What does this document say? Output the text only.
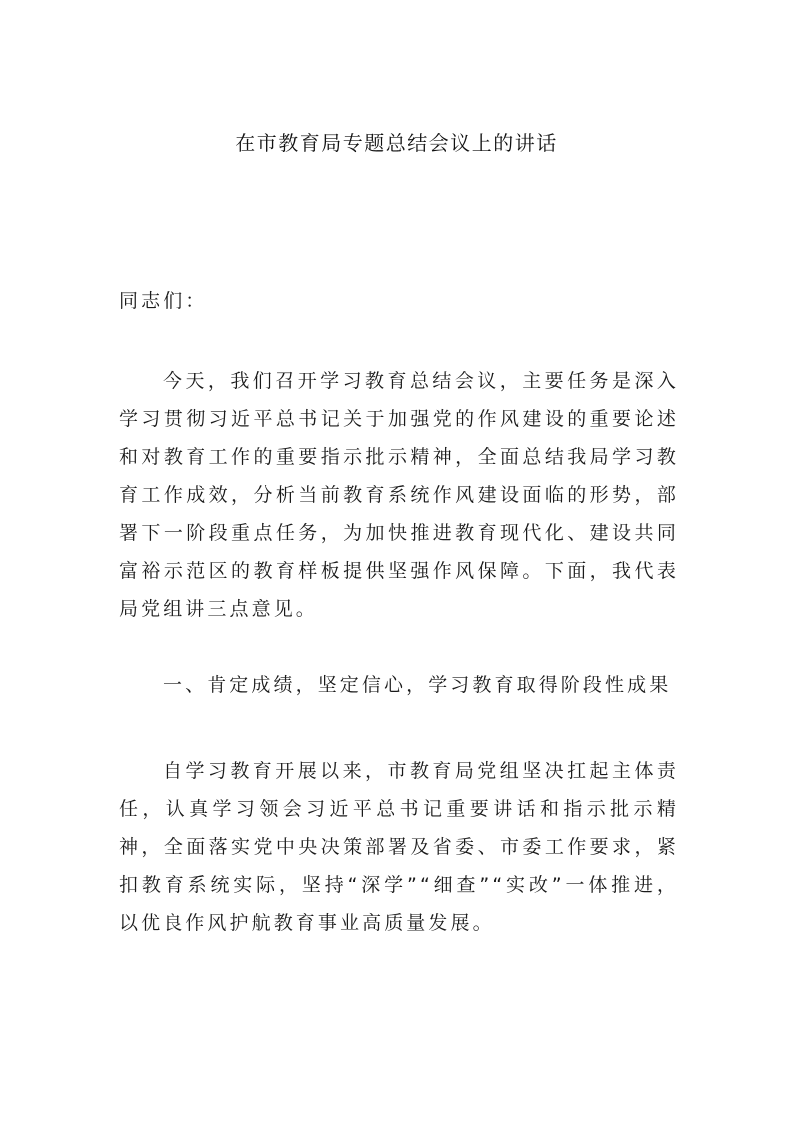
在市教育局专题总结会议上的讲话

同志们：

今天，我们召开学习教育总结会议，主要任务是深入学习贯彻习近平总书记关于加强党的作风建设的重要论述和对教育工作的重要指示批示精神，全面总结我局学习教育工作成效，分析当前教育系统作风建设面临的形势，部署下一阶段重点任务，为加快推进教育现代化、建设共同富裕示范区的教育样板提供坚强作风保障。下面，我代表局党组讲三点意见。

一、肯定成绩，坚定信心，学习教育取得阶段性成果

自学习教育开展以来，市教育局党组坚决扛起主体责任，认真学习领会习近平总书记重要讲话和指示批示精神，全面落实党中央决策部署及省委、市委工作要求，紧扣教育系统实际，坚持“深学”“细查”“实改”一体推进，以优良作风护航教育事业高质量发展。
